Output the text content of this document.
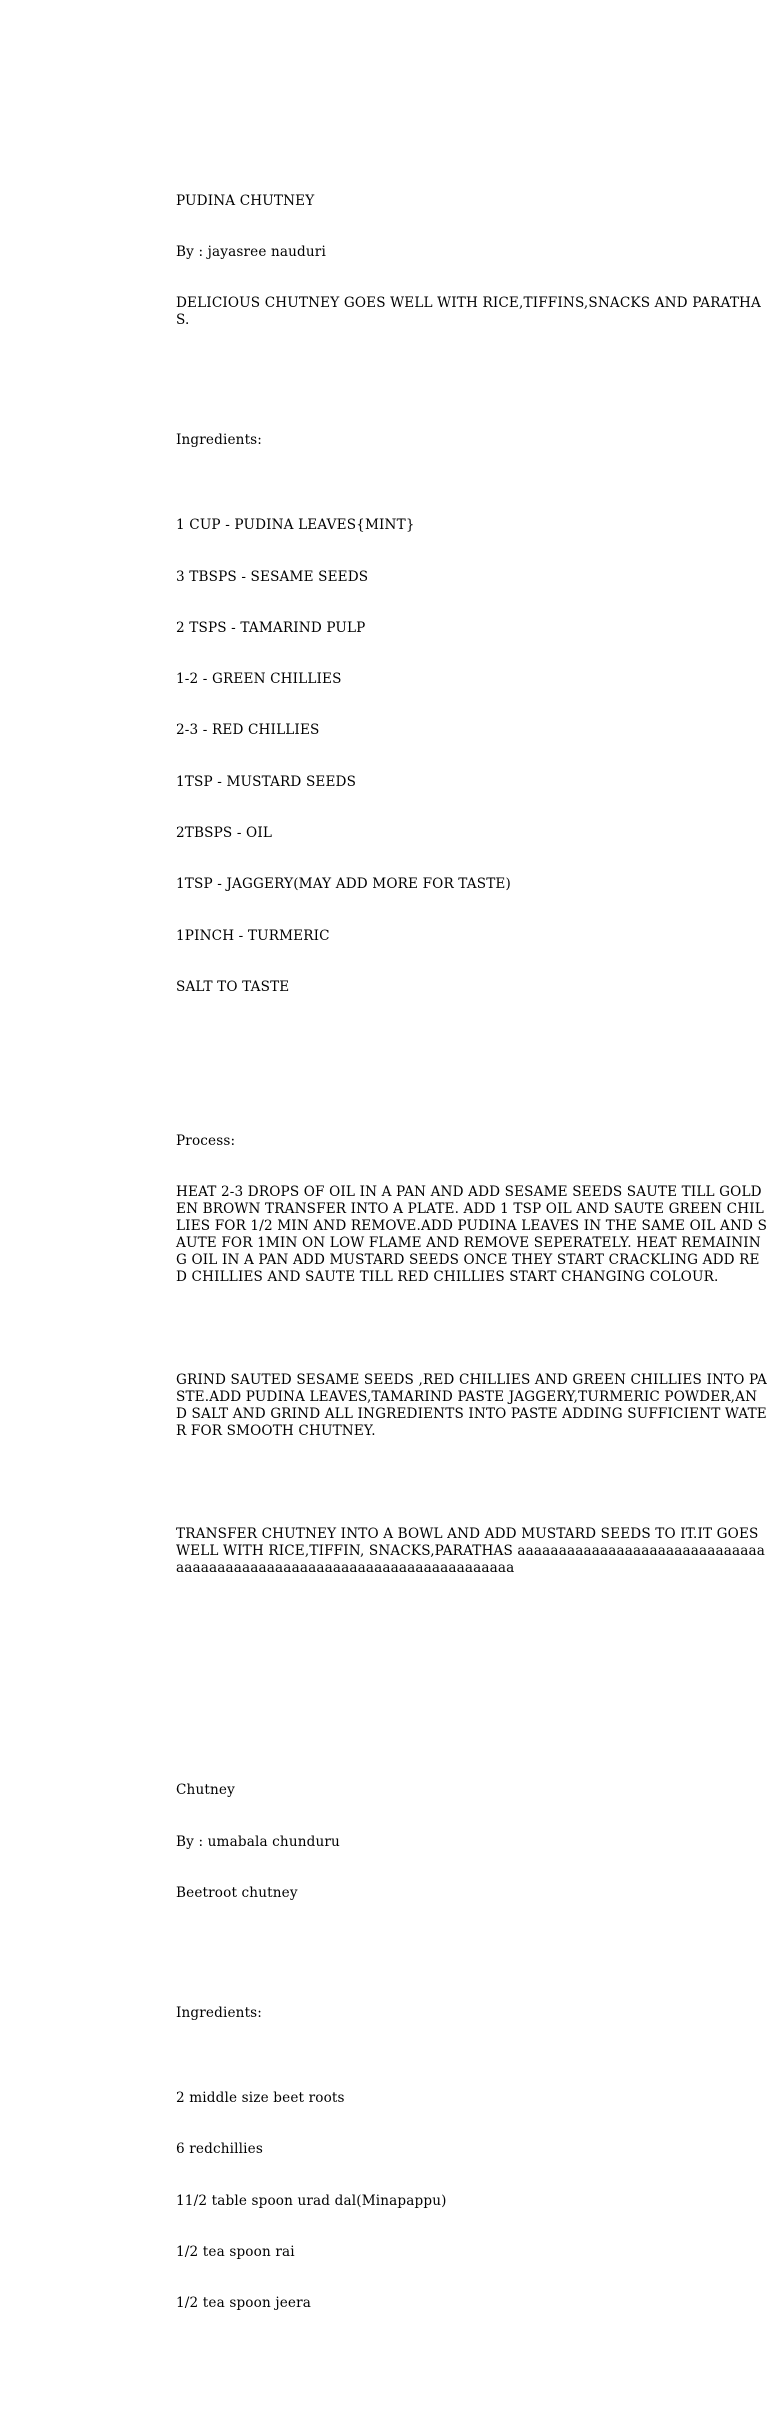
PUDINA CHUTNEY

By : jayasree nauduri

DELICIOUS CHUTNEY GOES WELL WITH RICE,TIFFINS,SNACKS AND PARATHAS.

Ingredients:

1 CUP - PUDINA LEAVES{MINT}

3 TBSPS - SESAME SEEDS

2 TSPS - TAMARIND PULP

1-2 - GREEN CHILLIES

2-3 - RED CHILLIES

1TSP - MUSTARD SEEDS

2TBSPS - OIL

1TSP - JAGGERY(MAY ADD MORE FOR TASTE)

1PINCH - TURMERIC

SALT TO TASTE

Process:

HEAT 2-3 DROPS OF OIL IN A PAN AND ADD SESAME SEEDS SAUTE TILL GOLDEN BROWN TRANSFER INTO A PLATE. ADD 1 TSP OIL AND SAUTE GREEN CHILLIES FOR 1/2 MIN AND REMOVE.ADD PUDINA LEAVES IN THE SAME OIL AND SAUTE FOR 1MIN ON LOW FLAME AND REMOVE SEPERATELY. HEAT REMAINING OIL IN A PAN ADD MUSTARD SEEDS ONCE THEY START CRACKLING ADD RED CHILLIES AND SAUTE TILL RED CHILLIES START CHANGING COLOUR.

GRIND SAUTED SESAME SEEDS ,RED CHILLIES AND GREEN CHILLIES INTO PASTE.ADD PUDINA LEAVES,TAMARIND PASTE JAGGERY,TURMERIC POWDER,AND SALT AND GRIND ALL INGREDIENTS INTO PASTE ADDING SUFFICIENT WATER FOR SMOOTH CHUTNEY.

TRANSFER CHUTNEY INTO A BOWL AND ADD MUSTARD SEEDS TO IT.IT GOES WELL WITH RICE,TIFFIN, SNACKS,PARATHAS aaaaaaaaaaaaaaaaaaaaaaaaaaaaaaaaaaaaaaaaaaaaaaaaaaaaaaaaaaaaaaaaaaaaaaa

Chutney

By : umabala chunduru

Beetroot chutney

Ingredients:

2 middle size beet roots

6 redchillies

11/2 table spoon urad dal(Minapappu)

1/2 tea spoon rai

1/2 tea spoon jeera
